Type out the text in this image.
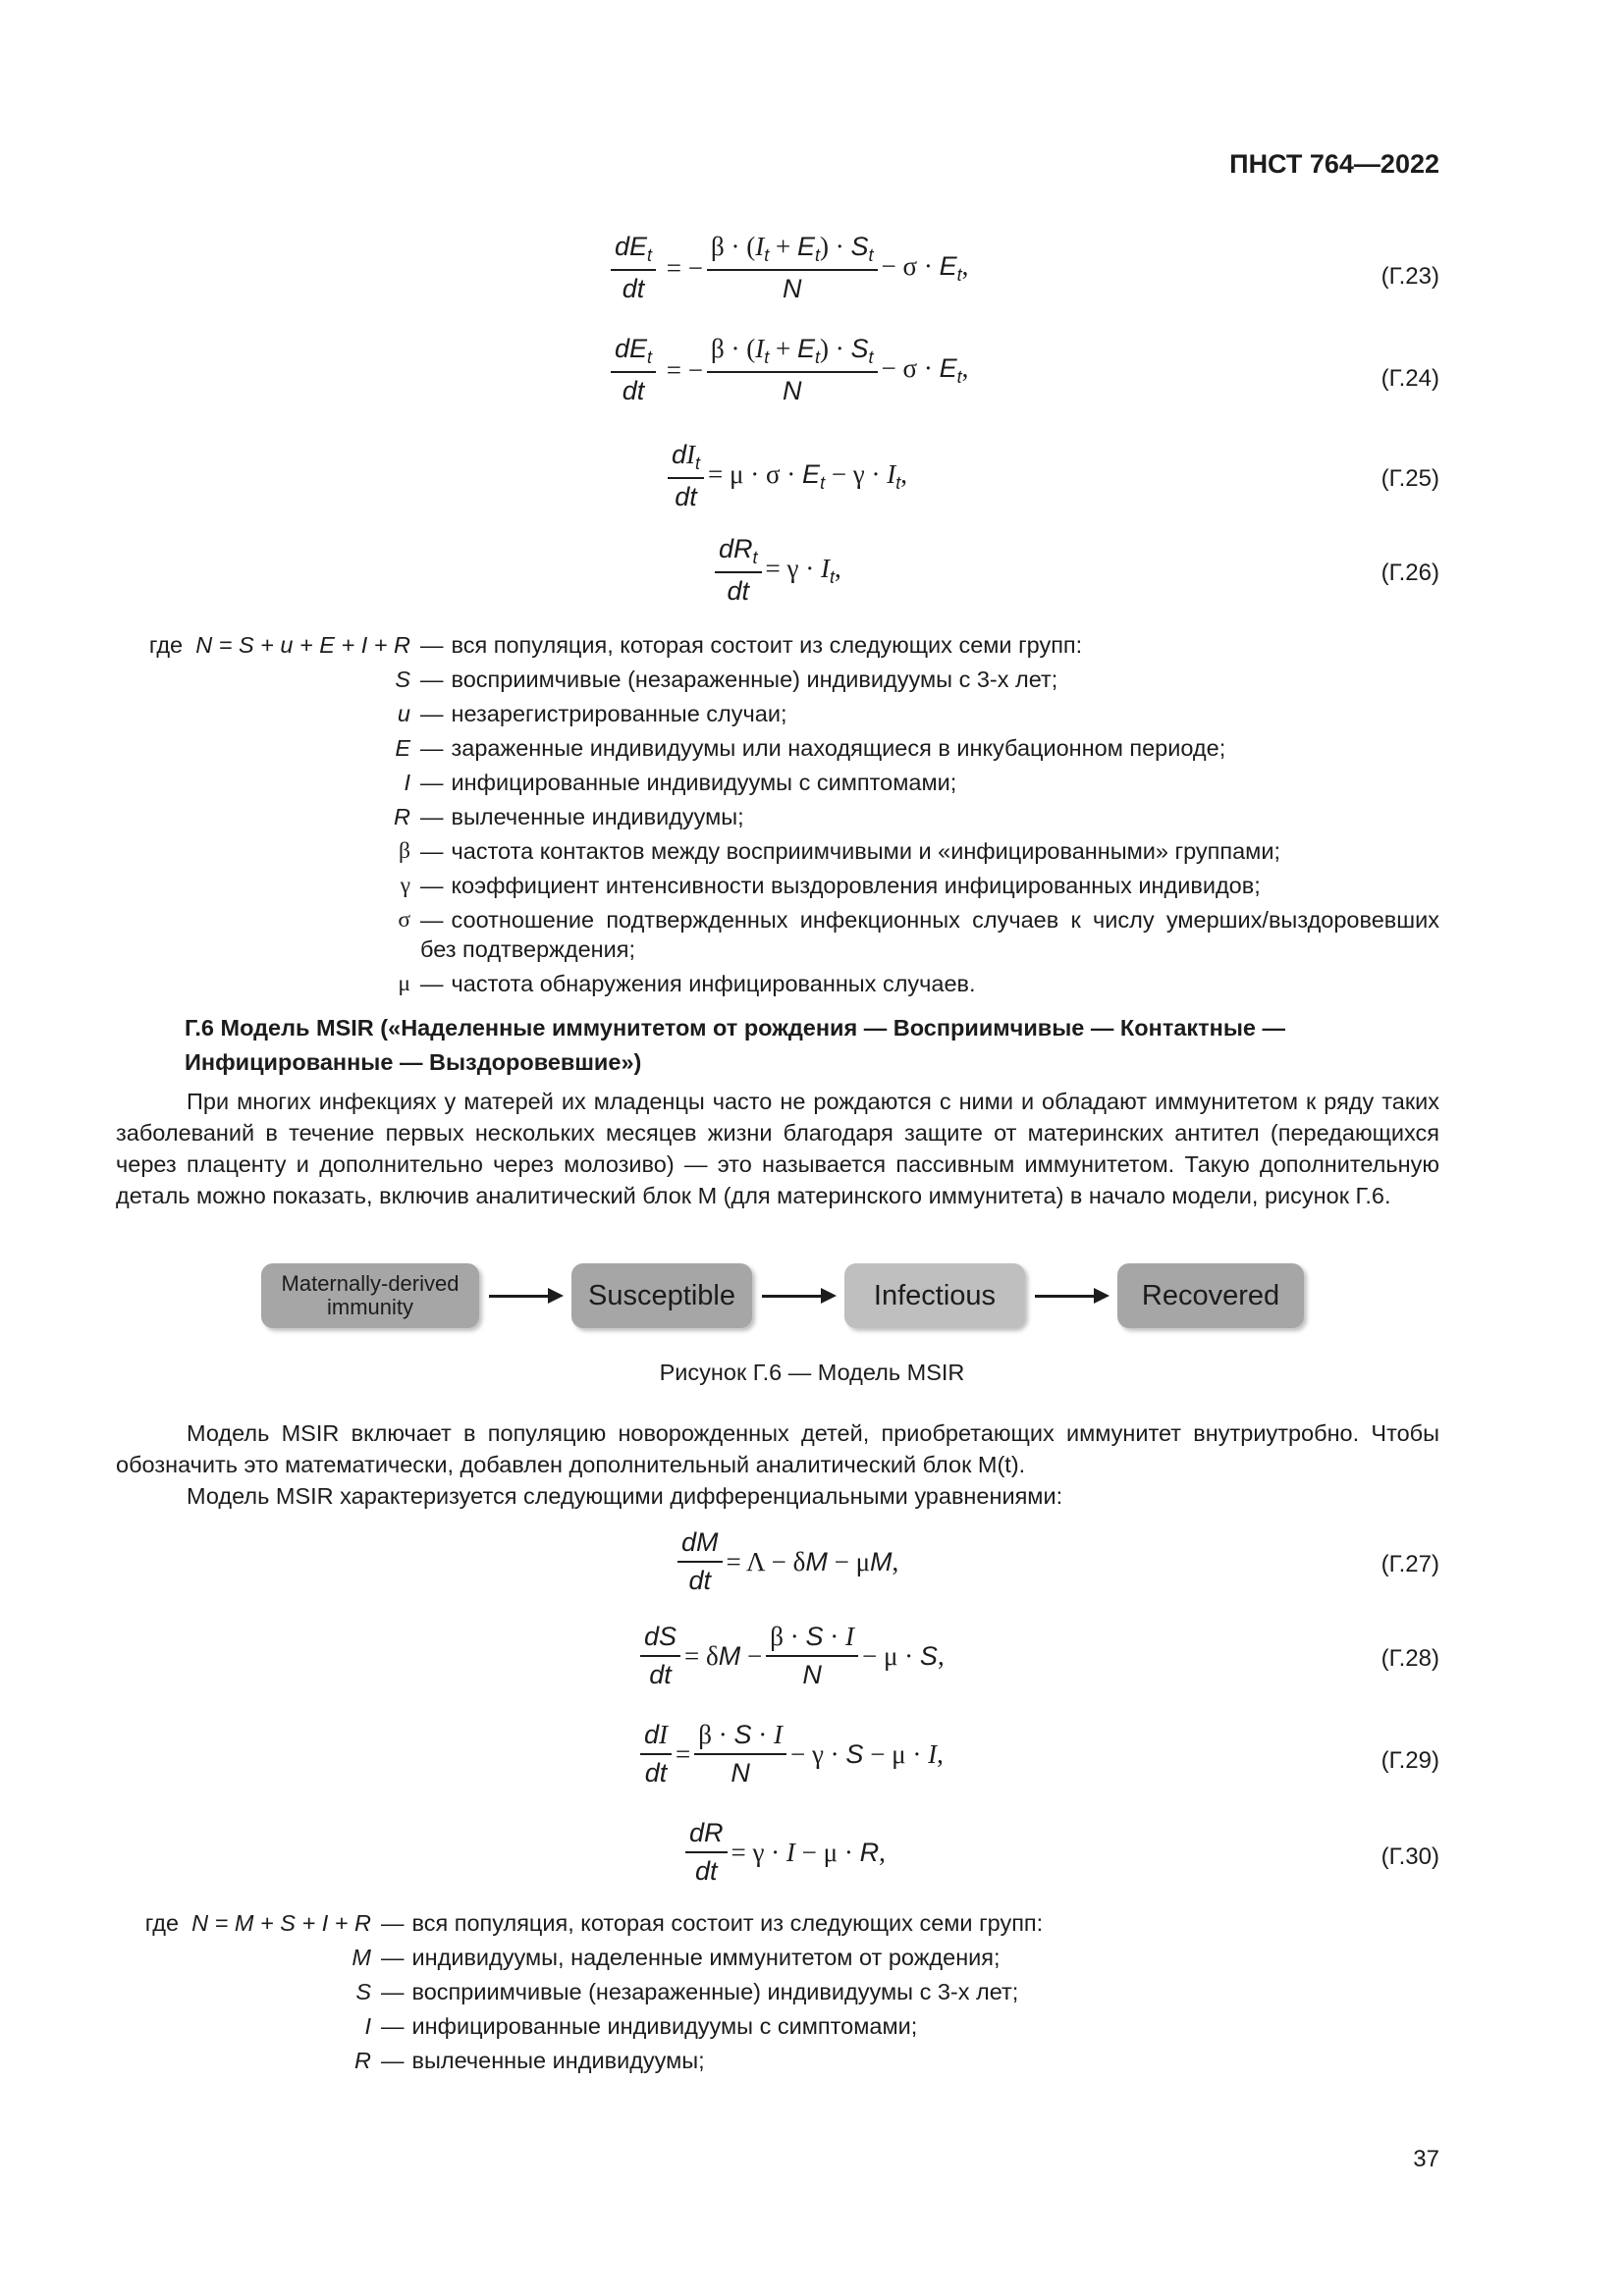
ПНСТ 764—2022
$\frac{dE_t}{dt}$ = − $\frac{\beta \cdot (I_t + E_t) \cdot S_t}{N} - \sigma \cdot E_t$,	(Г.23)
$\frac{dE_t}{dt}$ = − $\frac{\beta \cdot (I_t + E_t) \cdot S_t}{N} - \sigma \cdot E_t$,	(Г.24)
$\frac{dI_t}{dt} = \mu \cdot \sigma \cdot E_t - \gamma \cdot I_t$,	(Г.25)
$\frac{dR_t}{dt} = \gamma \cdot I_t$,	(Г.26)
где N = S + u + E + I + R — вся популяция, которая состоит из следующих семи групп:
S — восприимчивые (незараженные) индивидуумы с 3-х лет;
u — незарегистрированные случаи;
E — зараженные индивидуумы или находящиеся в инкубационном периоде;
I — инфицированные индивидуумы с симптомами;
R — вылеченные индивидуумы;
β — частота контактов между восприимчивыми и «инфицированными» группами;
γ — коэффициент интенсивности выздоровления инфицированных индивидов;
σ — соотношение подтвержденных инфекционных случаев к числу умерших/выздоровевших без подтверждения;
μ — частота обнаружения инфицированных случаев.
Г.6 Модель MSIR («Наделенные иммунитетом от рождения — Восприимчивые — Контактные — Инфицированные — Выздоровевшие»)

При многих инфекциях у матерей их младенцы часто не рождаются с ними и обладают иммунитетом к ряду таких заболеваний в течение первых нескольких месяцев жизни благодаря защите от материнских антител (передающихся через плаценту и дополнительно через молозиво) — это называется пассивным иммунитетом. Такую дополнительную деталь можно показать, включив аналитический блок M (для материнского иммунитета) в начало модели, рисунок Г.6.

Maternally-derived immunity	Susceptible	Infectious	Recovered
Рисунок Г.6 — Модель MSIR

Модель MSIR включает в популяцию новорожденных детей, приобретающих иммунитет внутриутробно. Чтобы обозначить это математически, добавлен дополнительный аналитический блок M(t).

Модель MSIR характеризуется следующими дифференциальными уравнениями:

$\frac{dM}{dt} = \Lambda - \delta M - \mu M$,	(Г.27)
$\frac{dS}{dt} = \delta M - \frac{\beta \cdot S \cdot I}{N} - \mu \cdot S$,	(Г.28)
$\frac{dI}{dt} = \frac{\beta \cdot S \cdot I}{N} - \gamma \cdot S - \mu \cdot I$,	(Г.29)
$\frac{dR}{dt} = \gamma \cdot I - \mu \cdot R$,	(Г.30)
где N = M + S + I + R — вся популяция, которая состоит из следующих семи групп:
M — индивидуумы, наделенные иммунитетом от рождения;
S — восприимчивые (незараженные) индивидуумы с 3-х лет;
I — инфицированные индивидуумы с симптомами;
R — вылеченные индивидуумы;
37
